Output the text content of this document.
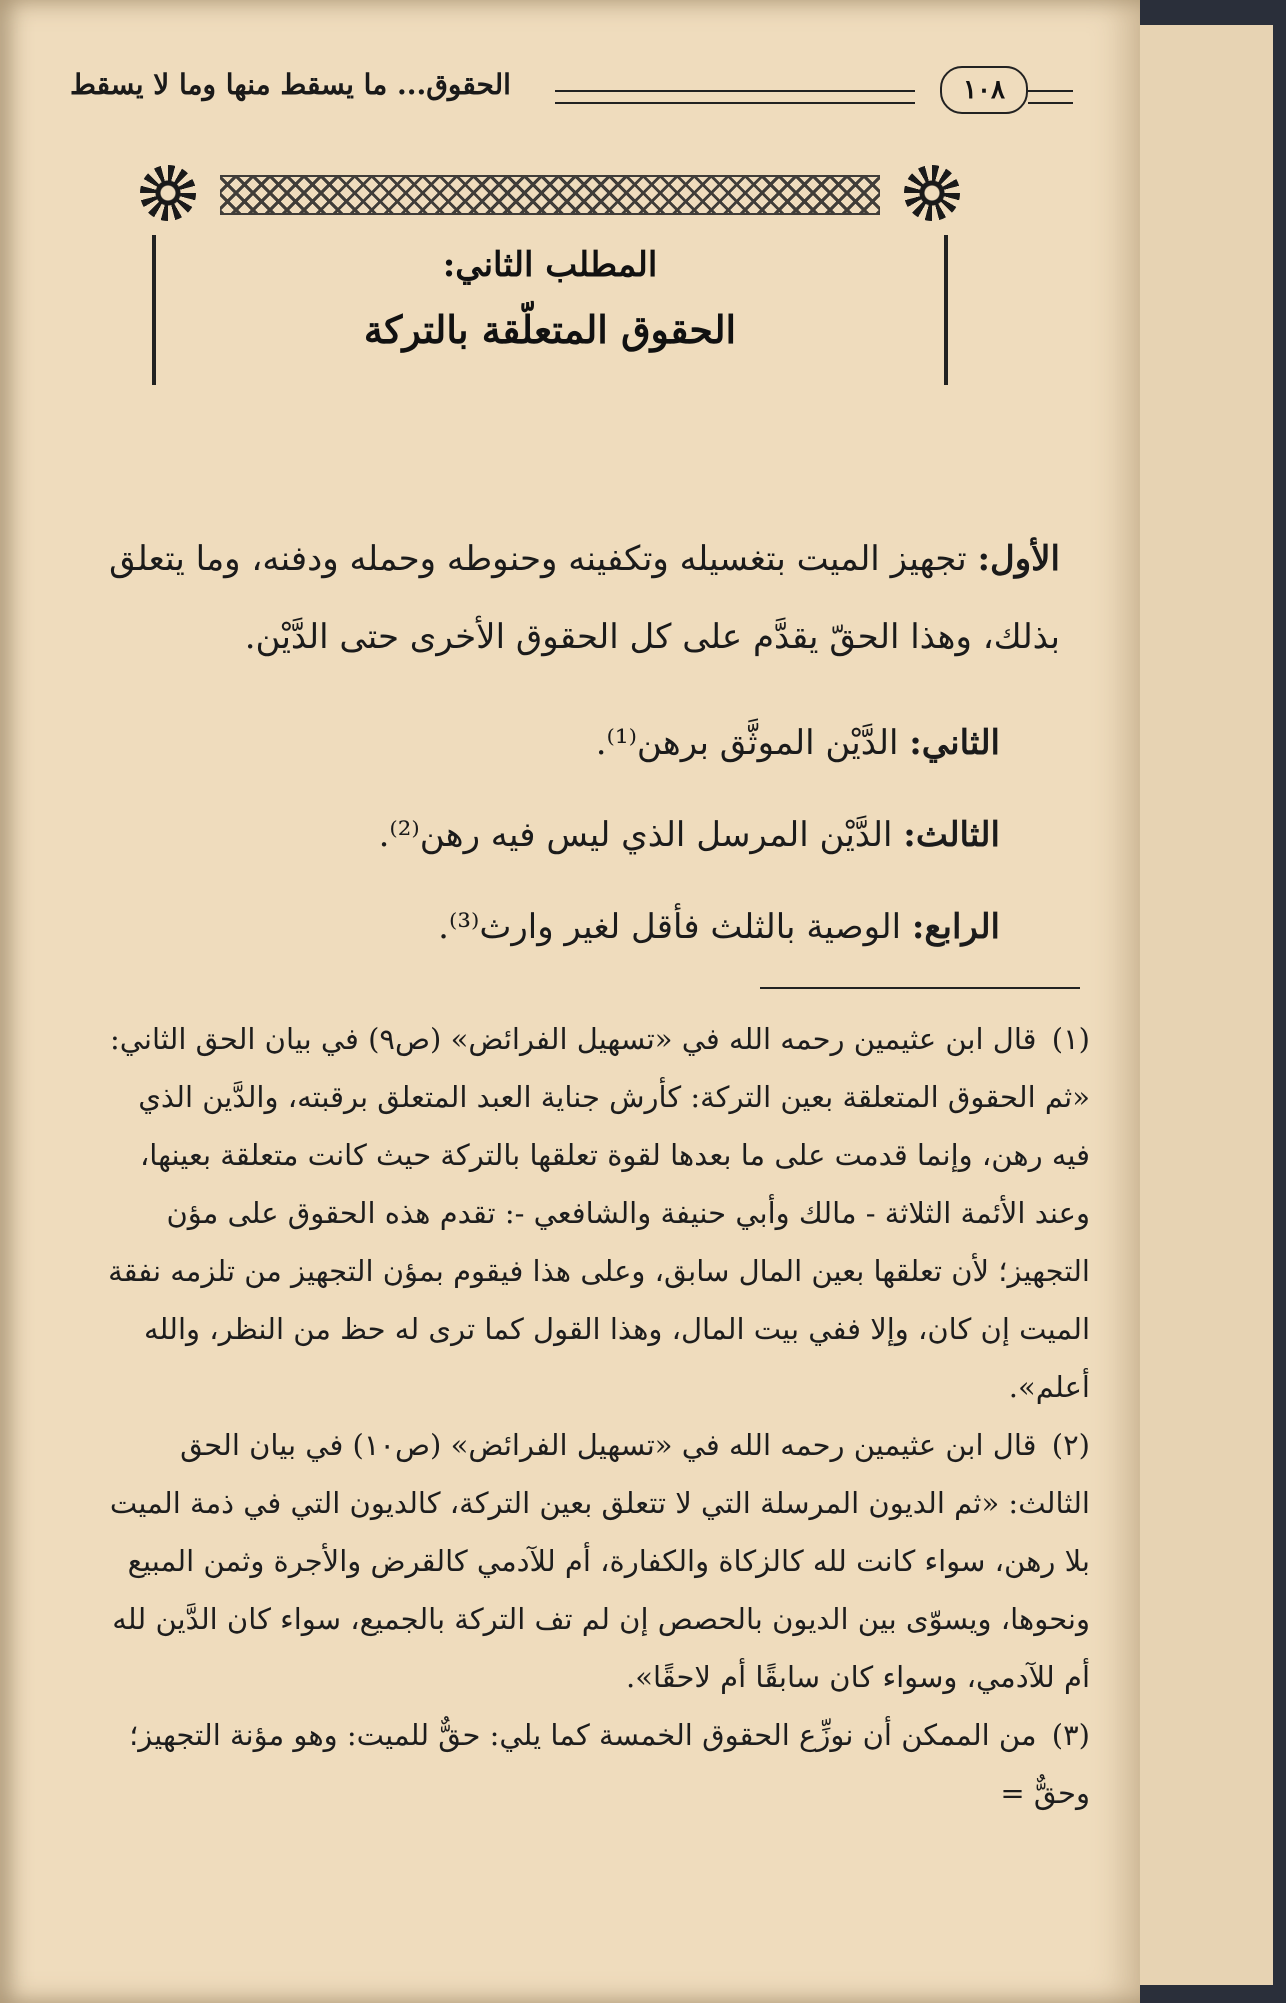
الحقوق... ما يسقط منها وما لا يسقط	١٠٨
المطلب الثاني:
الحقوق المتعلّقة بالتركة

الأول: تجهيز الميت بتغسيله وتكفينه وحنوطه وحمله ودفنه، وما يتعلق بذلك، وهذا الحقّ يقدَّم على كل الحقوق الأخرى حتى الدَّيْن.

الثاني: الدَّيْن الموثَّق برهن⁽¹⁾.

الثالث: الدَّيْن المرسل الذي ليس فيه رهن⁽²⁾.

الرابع: الوصية بالثلث فأقل لغير وارث⁽³⁾.

(١) قال ابن عثيمين رحمه الله في «تسهيل الفرائض» (ص٩) في بيان الحق الثاني: «ثم الحقوق المتعلقة بعين التركة: كأرش جناية العبد المتعلق برقبته، والدَّين الذي فيه رهن، وإنما قدمت على ما بعدها لقوة تعلقها بالتركة حيث كانت متعلقة بعينها، وعند الأئمة الثلاثة - مالك وأبي حنيفة والشافعي -: تقدم هذه الحقوق على مؤن التجهيز؛ لأن تعلقها بعين المال سابق، وعلى هذا فيقوم بمؤن التجهيز من تلزمه نفقة الميت إن كان، وإلا ففي بيت المال، وهذا القول كما ترى له حظ من النظر، والله أعلم».

(٢) قال ابن عثيمين رحمه الله في «تسهيل الفرائض» (ص١٠) في بيان الحق الثالث: «ثم الديون المرسلة التي لا تتعلق بعين التركة، كالديون التي في ذمة الميت بلا رهن، سواء كانت لله كالزكاة والكفارة، أم للآدمي كالقرض والأجرة وثمن المبيع ونحوها، ويسوّى بين الديون بالحصص إن لم تف التركة بالجميع، سواء كان الدَّين لله أم للآدمي، وسواء كان سابقًا أم لاحقًا».

(٣) من الممكن أن نوزِّع الحقوق الخمسة كما يلي: حقٌّ للميت: وهو مؤنة التجهيز؛ وحقٌّ =
